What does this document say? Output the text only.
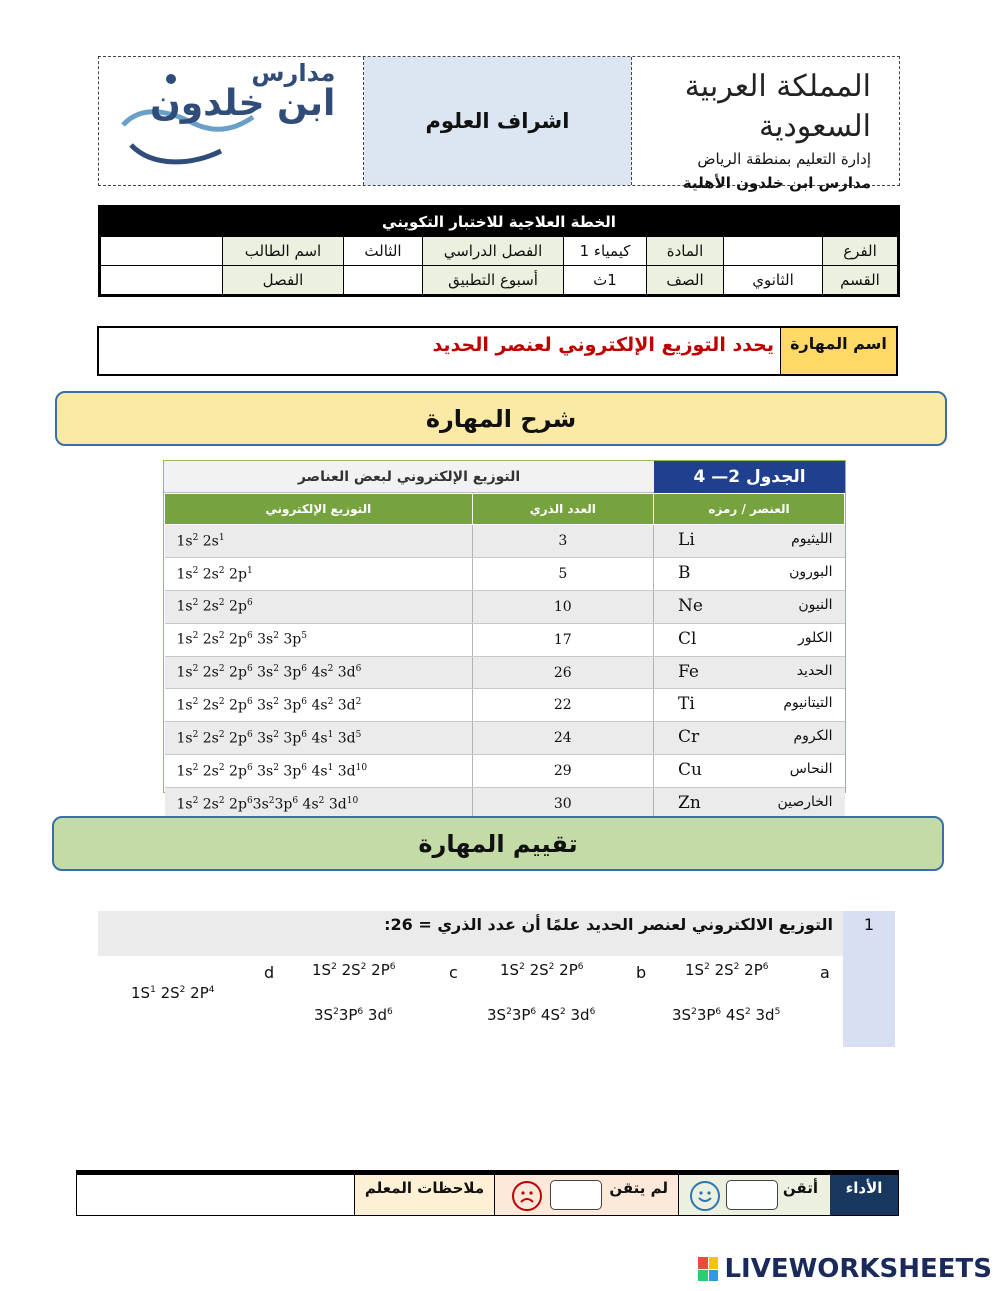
مدارس
ابن خلدون	اشراف العلوم
المملكة العربية السعودية
إدارة التعليم بمنطقة الرياض
مدارس ابن خلدون الأهلية
الخطة العلاجية للاختبار التكويني							
الفرع		المادة	كيمياء 1	الفصل الدراسي	الثالث	اسم الطالب	
القسم	الثانوي	الصف	1ث	أسبوع التطبيق		الفصل	
اسم المهارة
يحدد التوزيع الإلكتروني لعنصر الحديد
شرح المهارة
التوزيع الإلكتروني لبعض العناصر	الجدول 2— 4
التوزيع الإلكتروني	العدد الذري	العنصر / رمزه
$1s^2$ $2s^1$	3	Li الليثيوم

$1s^2$ $2s^2$ $2p^1$	5	B البورون

$1s^2$ $2s^2$ $2p^6$	10	Ne النيون

$1s^2$ $2s^2$ $2p^6$ $3s^2$ $3p^5$	17	Cl الكلور

$1s^2$ $2s^2$ $2p^6$ $3s^2$ $3p^6$ $4s^2$ $3d^6$	26	Fe الحديد

$1s^2$ $2s^2$ $2p^6$ $3s^2$ $3p^6$ $4s^2$ $3d^2$	22	Ti التيتانيوم

$1s^2$ $2s^2$ $2p^6$ $3s^2$ $3p^6$ $4s^1$ $3d^5$	24	Cr الكروم

$1s^2$ $2s^2$ $2p^6$ $3s^2$ $3p^6$ $4s^1$ $3d^{10}$	29	Cu النحاس

$1s^2$ $2s^2$ $2p^63s^23p^6$ $4s^2$ $3d^{10}$	30	Zn الخارصين
تقييم المهارة
1
التوزيع الالكتروني لعنصر الحديد علمًا أن عدد الذري = 26:
a
$1S^2$ $2S^2$ $2P^6$
$3S^23P^6$ $4S^2$ $3d^5$
b
$1S^2$ $2S^2$ $2P^6$
$3S^23P^6$ $4S^2$ $3d^6$
c
$1S^2$ $2S^2$ $2P^6$
$3S^23P^6$ $3d^6$
d
$1S^1$ $2S^2$ $2P^4$
الأداء
أتقن
لم يتقن
ملاحظات المعلم
LIVEWORKSHEETS
